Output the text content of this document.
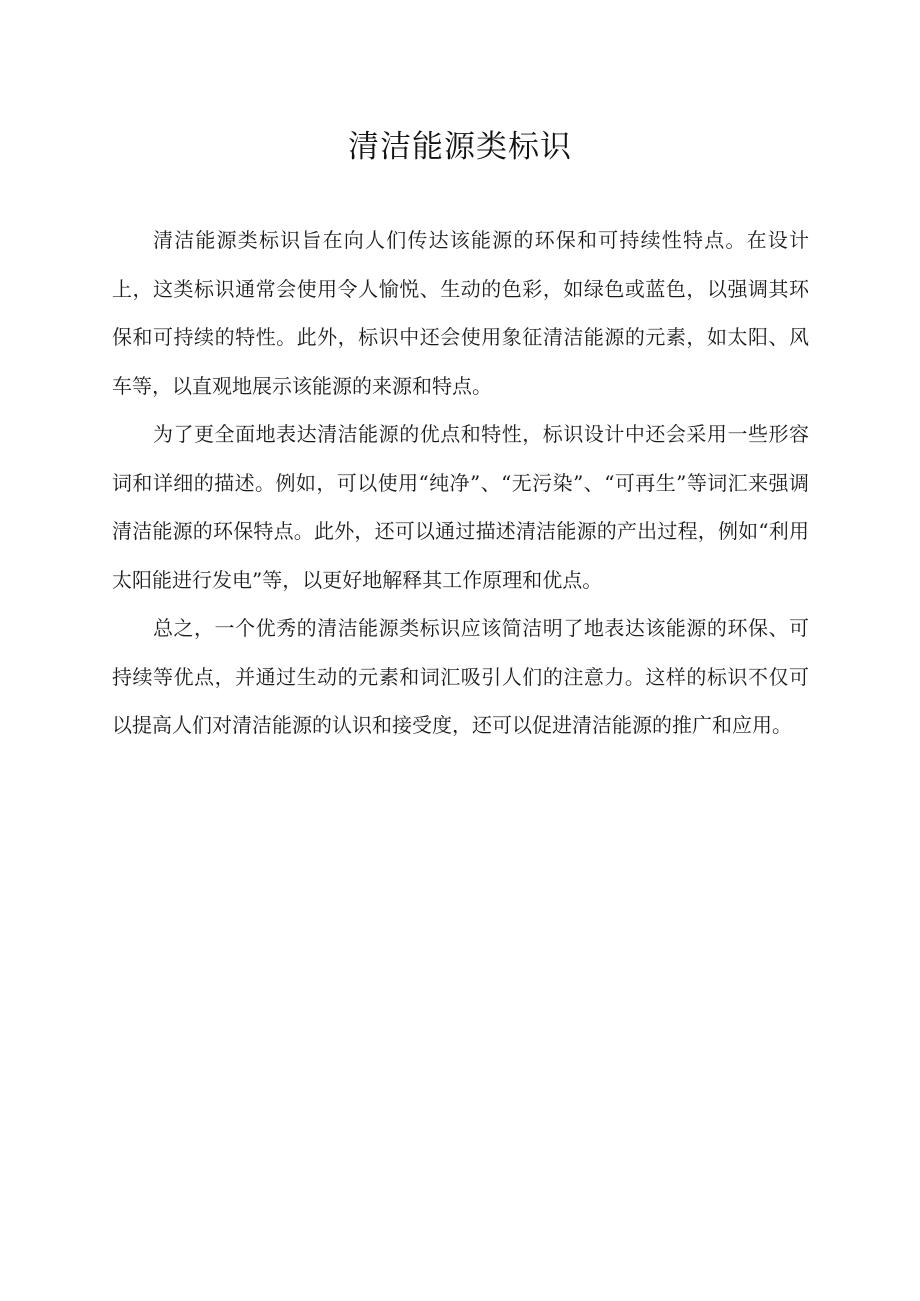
清洁能源类标识

清洁能源类标识旨在向人们传达该能源的环保和可持续性特点。在设计上，这类标识通常会使用令人愉悦、生动的色彩，如绿色或蓝色，以强调其环保和可持续的特性。此外，标识中还会使用象征清洁能源的元素，如太阳、风车等，以直观地展示该能源的来源和特点。

为了更全面地表达清洁能源的优点和特性，标识设计中还会采用一些形容词和详细的描述。例如，可以使用“纯净”、“无污染”、“可再生”等词汇来强调清洁能源的环保特点。此外，还可以通过描述清洁能源的产出过程，例如“利用太阳能进行发电”等，以更好地解释其工作原理和优点。

总之，一个优秀的清洁能源类标识应该简洁明了地表达该能源的环保、可持续等优点，并通过生动的元素和词汇吸引人们的注意力。这样的标识不仅可以提高人们对清洁能源的认识和接受度，还可以促进清洁能源的推广和应用。
